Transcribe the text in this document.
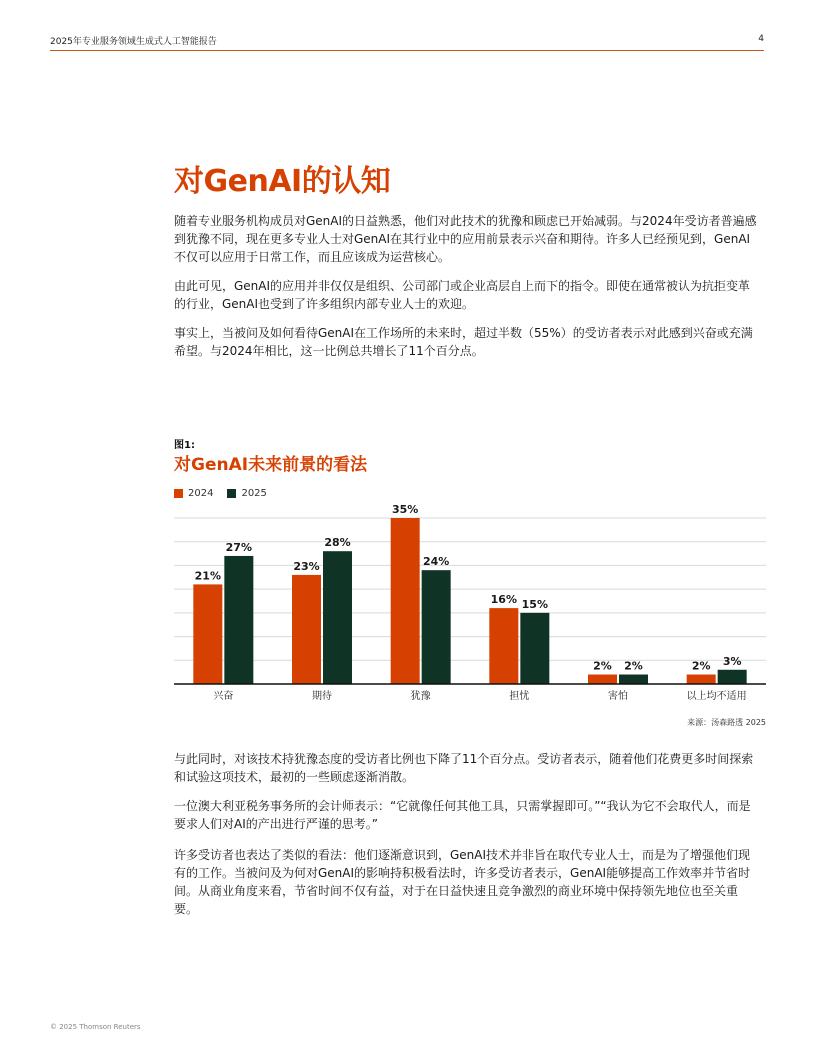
2025年专业服务领域生成式人工智能报告	4
对GenAI的认知

随着专业服务机构成员对GenAI的日益熟悉，他们对此技术的犹豫和顾虑已开始减弱。与2024年受访者普遍感到犹豫不同，现在更多专业人士对GenAI在其行业中的应用前景表示兴奋和期待。许多人已经预见到，GenAI不仅可以应用于日常工作，而且应该成为运营核心。

由此可见，GenAI的应用并非仅仅是组织、公司部门或企业高层自上而下的指令。即使在通常被认为抗拒变革的行业，GenAI也受到了许多组织内部专业人士的欢迎。

事实上，当被问及如何看待GenAI在工作场所的未来时，超过半数（55%）的受访者表示对此感到兴奋或充满希望。与2024年相比，这一比例总共增长了11个百分点。

图1:
对GenAI未来前景的看法
2024	2025
21%
27%
兴奋
23%
28%
期待
35%
24%
犹豫
16% 15%
担忧
2% 2%
害怕
2% 3%
以上均不适用
来源：汤森路透 2025

与此同时，对该技术持犹豫态度的受访者比例也下降了11个百分点。受访者表示，随着他们花费更多时间探索和试验这项技术，最初的一些顾虑逐渐消散。

一位澳大利亚税务事务所的会计师表示：“它就像任何其他工具，只需掌握即可。”“我认为它不会取代人，而是要求人们对AI的产出进行严谨的思考。”

许多受访者也表达了类似的看法：他们逐渐意识到，GenAI技术并非旨在取代专业人士，而是为了增强他们现有的工作。当被问及为何对GenAI的影响持积极看法时，许多受访者表示，GenAI能够提高工作效率并节省时间。从商业角度来看，节省时间不仅有益，对于在日益快速且竞争激烈的商业环境中保持领先地位也至关重要。

© 2025 Thomson Reuters
